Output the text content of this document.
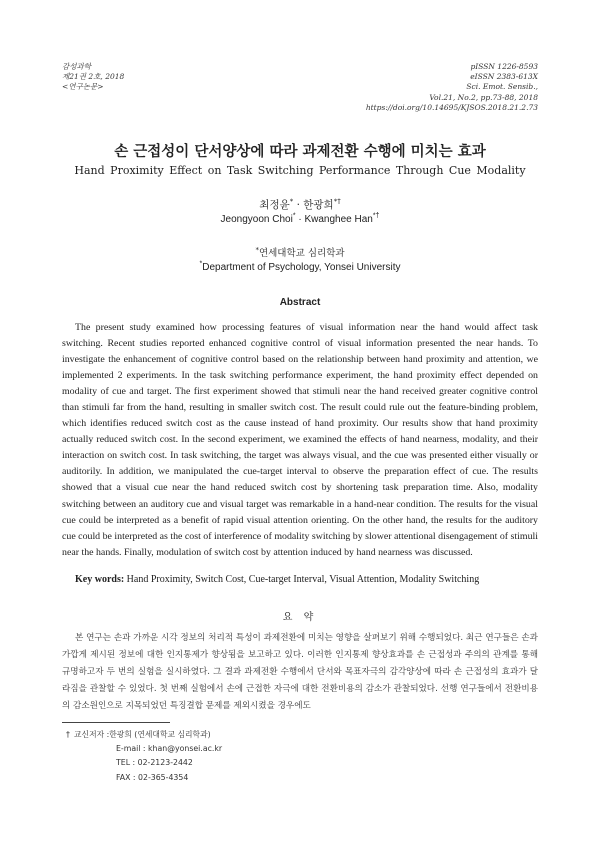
감성과학
제21권 2호, 2018
<연구논문>
pISSN 1226-8593
eISSN 2383-613X
Sci. Emot. Sensib.,
Vol.21, No.2, pp.73-88, 2018
https://doi.org/10.14695/KJSOS.2018.21.2.73
손 근접성이 단서양상에 따라 과제전환 수행에 미치는 효과
Hand Proximity Effect on Task Switching Performance Through Cue Modality
최정윤* · 한광희*†
Jeongyoon Choi* · Kwanghee Han*†
*연세대학교 심리학과
*Department of Psychology, Yonsei University
Abstract

The present study examined how processing features of visual information near the hand would affect task switching. Recent studies reported enhanced cognitive control of visual information presented the near hands. To investigate the enhancement of cognitive control based on the relationship between hand proximity and attention, we implemented 2 experiments. In the task switching performance experiment, the hand proximity effect depended on modality of cue and target. The first experiment showed that stimuli near the hand received greater cognitive control than stimuli far from the hand, resulting in smaller switch cost. The result could rule out the feature-binding problem, which identifies reduced switch cost as the cause instead of hand proximity. Our results show that hand proximity actually reduced switch cost. In the second experiment, we examined the effects of hand nearness, modality, and their interaction on switch cost. In task switching, the target was always visual, and the cue was presented either visually or auditorily. In addition, we manipulated the cue-target interval to observe the preparation effect of cue. The results showed that a visual cue near the hand reduced switch cost by shortening task preparation time. Also, modality switching between an auditory cue and visual target was remarkable in a hand-near condition. The results for the visual cue could be interpreted as a benefit of rapid visual attention orienting. On the other hand, the results for the auditory cue could be interpreted as the cost of interference of modality switching by slower attentional disengagement of stimuli near the hands. Finally, modulation of switch cost by attention induced by hand nearness was discussed.

Key words: Hand Proximity, Switch Cost, Cue-target Interval, Visual Attention, Modality Switching
요 약

본 연구는 손과 가까운 시각 정보의 처리적 특성이 과제전환에 미치는 영향을 살펴보기 위해 수행되었다. 최근 연구들은 손과 가깝게 제시된 정보에 대한 인지통제가 향상됨을 보고하고 있다. 이러한 인지통제 향상효과를 손 근접성과 주의의 관계를 통해 규명하고자 두 번의 실험을 실시하였다. 그 결과 과제전환 수행에서 단서와 목표자극의 감각양상에 따라 손 근접성의 효과가 달라짐을 관찰할 수 있었다. 첫 번째 실험에서 손에 근접한 자극에 대한 전환비용의 감소가 관찰되었다. 선행 연구들에서 전환비용의 감소원인으로 지목되었던 특징결합 문제를 제외시켰을 경우에도

† 교신저자 :한광희 (연세대학교 심리학과)
E-mail : khan@yonsei.ac.kr
TEL : 02-2123-2442
FAX : 02-365-4354
